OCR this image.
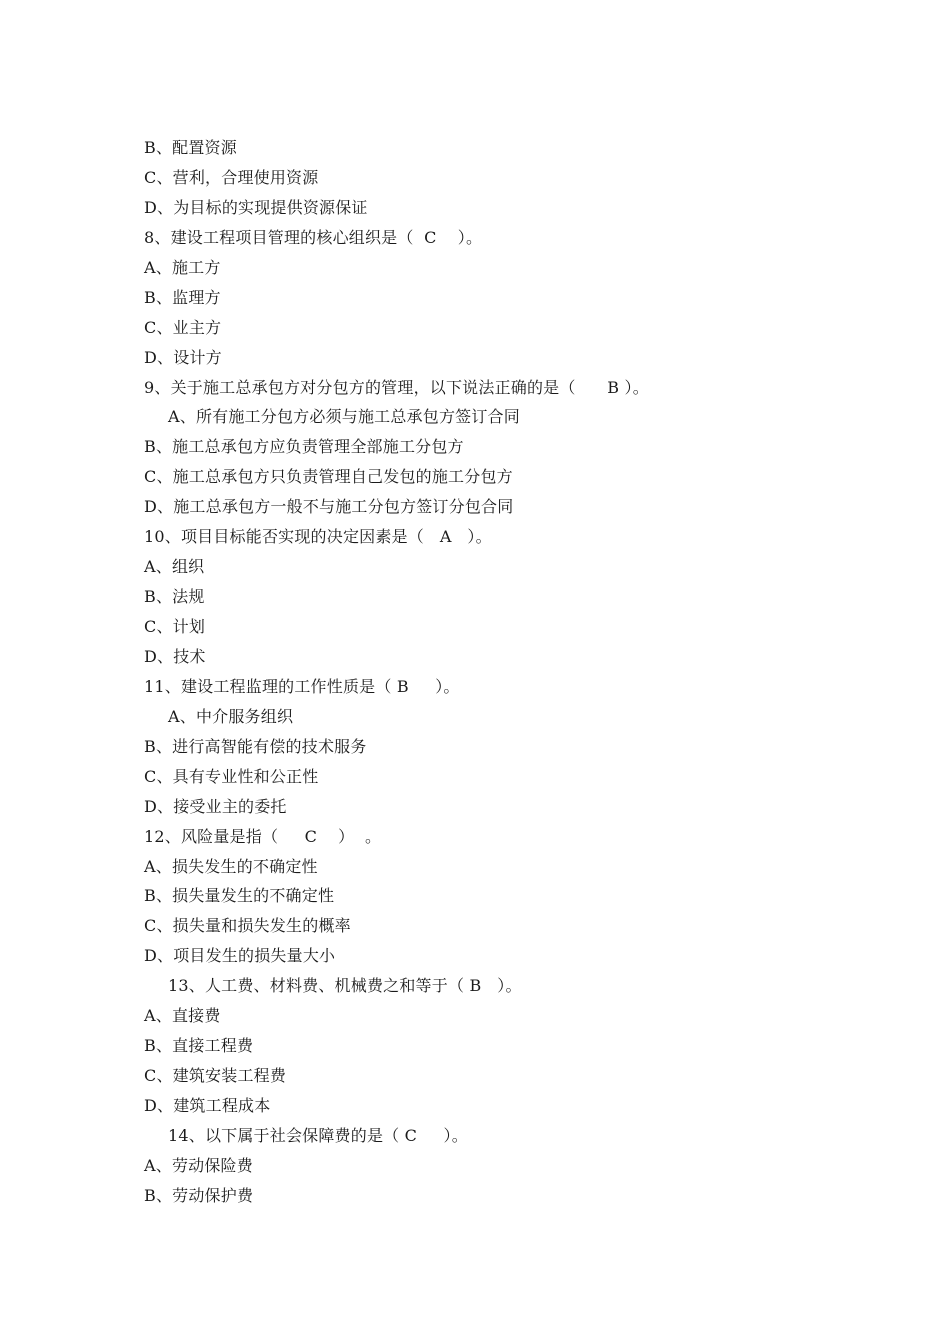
B、配置资源
C、营利，合理使用资源
D、为目标的实现提供资源保证
8、建设工程项目管理的核心组织是（  C    ）。
A、施工方
B、监理方
C、业主方
D、设计方
9、关于施工总承包方对分包方的管理，以下说法正确的是（      B ）。
A、所有施工分包方必须与施工总承包方签订合同
B、施工总承包方应负责管理全部施工分包方
C、施工总承包方只负责管理自己发包的施工分包方
D、施工总承包方一般不与施工分包方签订分包合同
10、项目目标能否实现的决定因素是（   A   ）。
A、组织
B、法规
C、计划
D、技术
11、建设工程监理的工作性质是（ B     ）。
A、中介服务组织
B、进行高智能有偿的技术服务
C、具有专业性和公正性
D、接受业主的委托
12、风险量是指（     C    ）  。
A、损失发生的不确定性
B、损失量发生的不确定性
C、损失量和损失发生的概率
D、项目发生的损失量大小
13、人工费、材料费、机械费之和等于（ B   ）。
A、直接费
B、直接工程费
C、建筑安装工程费
D、建筑工程成本
14、以下属于社会保障费的是（ C     ）。
A、劳动保险费
B、劳动保护费
